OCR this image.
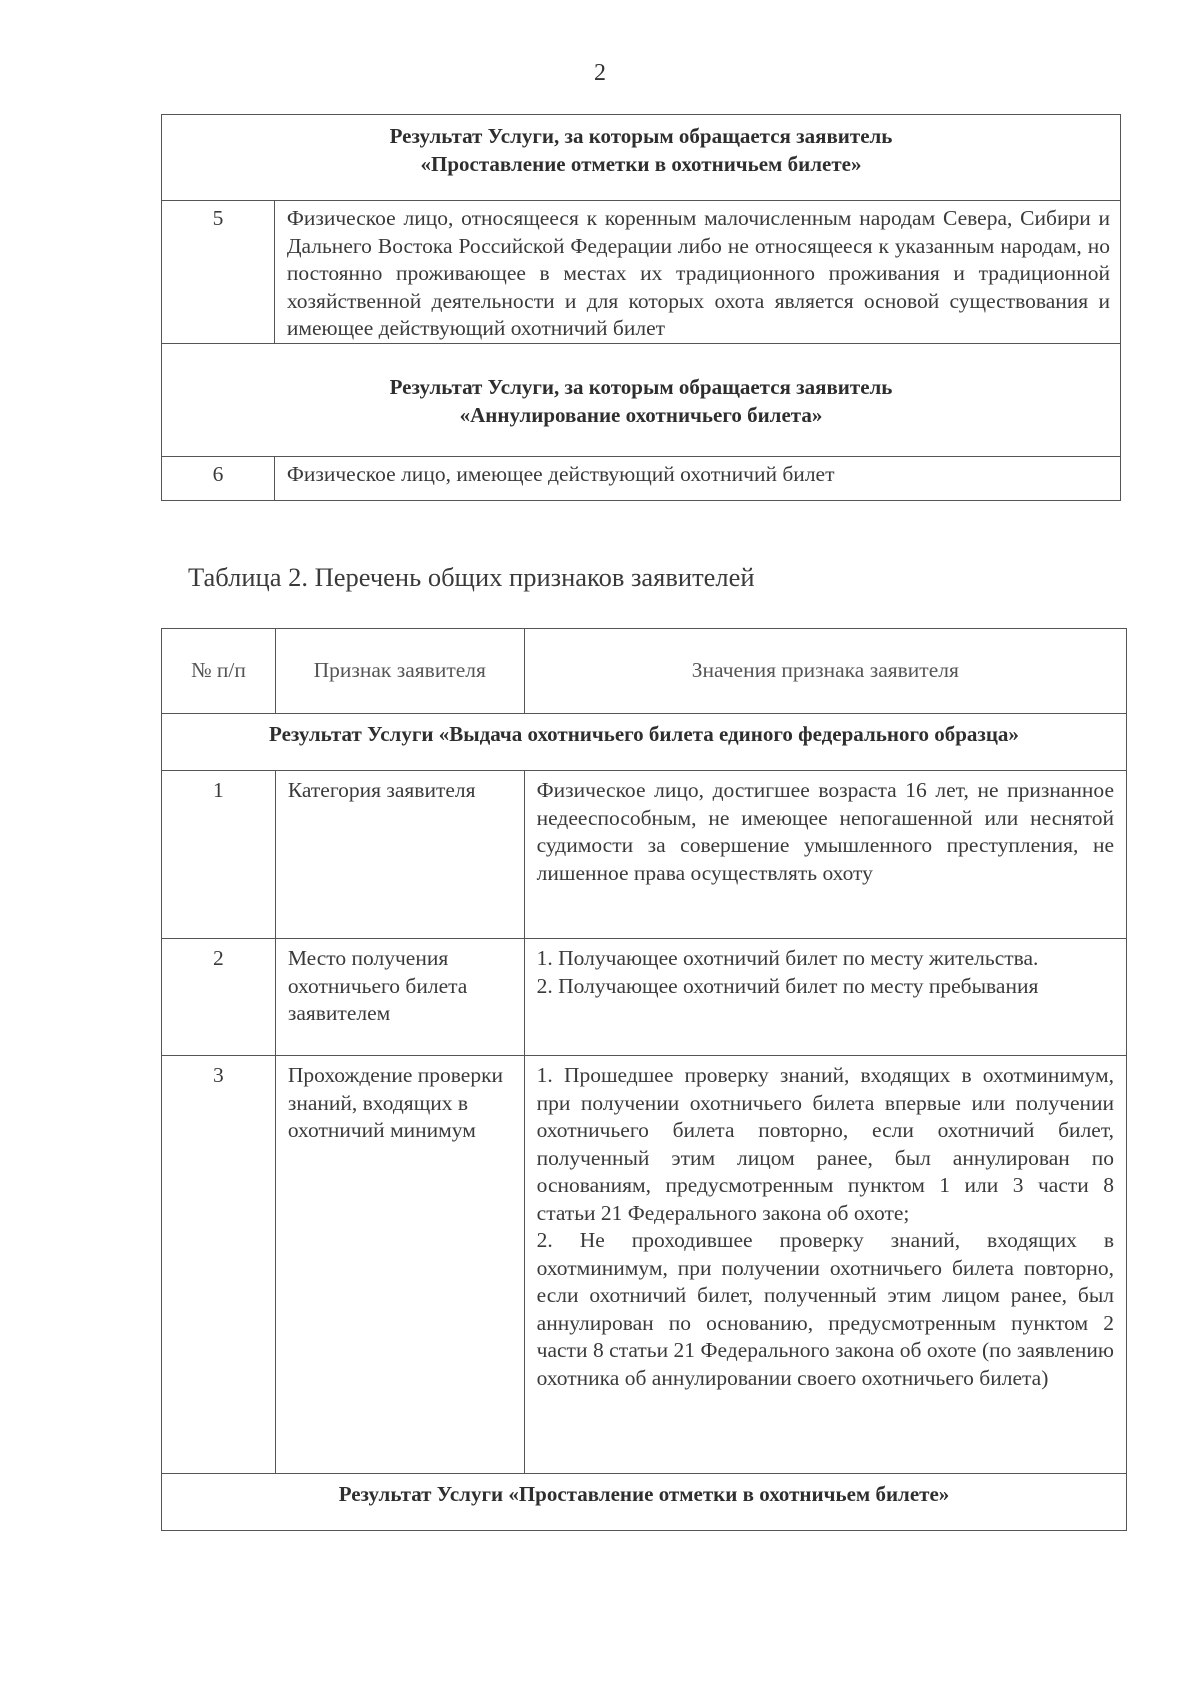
2
Результат Услуги, за которым обращается заявитель
«Проставление отметки в охотничьем билете»	

5	Физическое лицо, относящееся к коренным малочисленным народам Севера, Сибири и Дальнего Востока Российской Федерации либо не относящееся к указанным народам, но постоянно проживающее в местах их традиционного проживания и традиционной хозяйственной деятельности и для которых охота является основой существования и имеющее действующий охотничий билет

Результат Услуги, за которым обращается заявитель
«Аннулирование охотничьего билета»	

6	Физическое лицо, имеющее действующий охотничий билет
Таблица 2. Перечень общих признаков заявителей
№ п/п	Признак заявителя	Значения признака заявителя
Результат Услуги «Выдача охотничьего билета единого федерального образца»		
1	Категория заявителя	Физическое лицо, достигшее возраста 16 лет, не признанное недееспособным, не имеющее непогашенной или неснятой судимости за совершение умышленного преступления, не лишенное права осуществлять охоту
2	Место получения охотничьего билета заявителем	1. Получающее охотничий билет по месту жительства.
2. Получающее охотничий билет по месту пребывания

3	Прохождение проверки знаний, входящих в охотничий минимум	1. Прошедшее проверку знаний, входящих в охотминимум, при получении охотничьего билета впервые или получении охотничьего билета повторно, если охотничий билет, полученный этим лицом ранее, был аннулирован по основаниям, предусмотренным пунктом 1 или 3 части 8 статьи 21 Федерального закона об охоте;
2. Не проходившее проверку знаний, входящих в охотминимум, при получении охотничьего билета повторно, если охотничий билет, полученный этим лицом ранее, был аннулирован по основанию, предусмотренным пунктом 2 части 8 статьи 21 Федерального закона об охоте (по заявлению охотника об аннулировании своего охотничьего билета)

Результат Услуги «Проставление отметки в охотничьем билете»		
